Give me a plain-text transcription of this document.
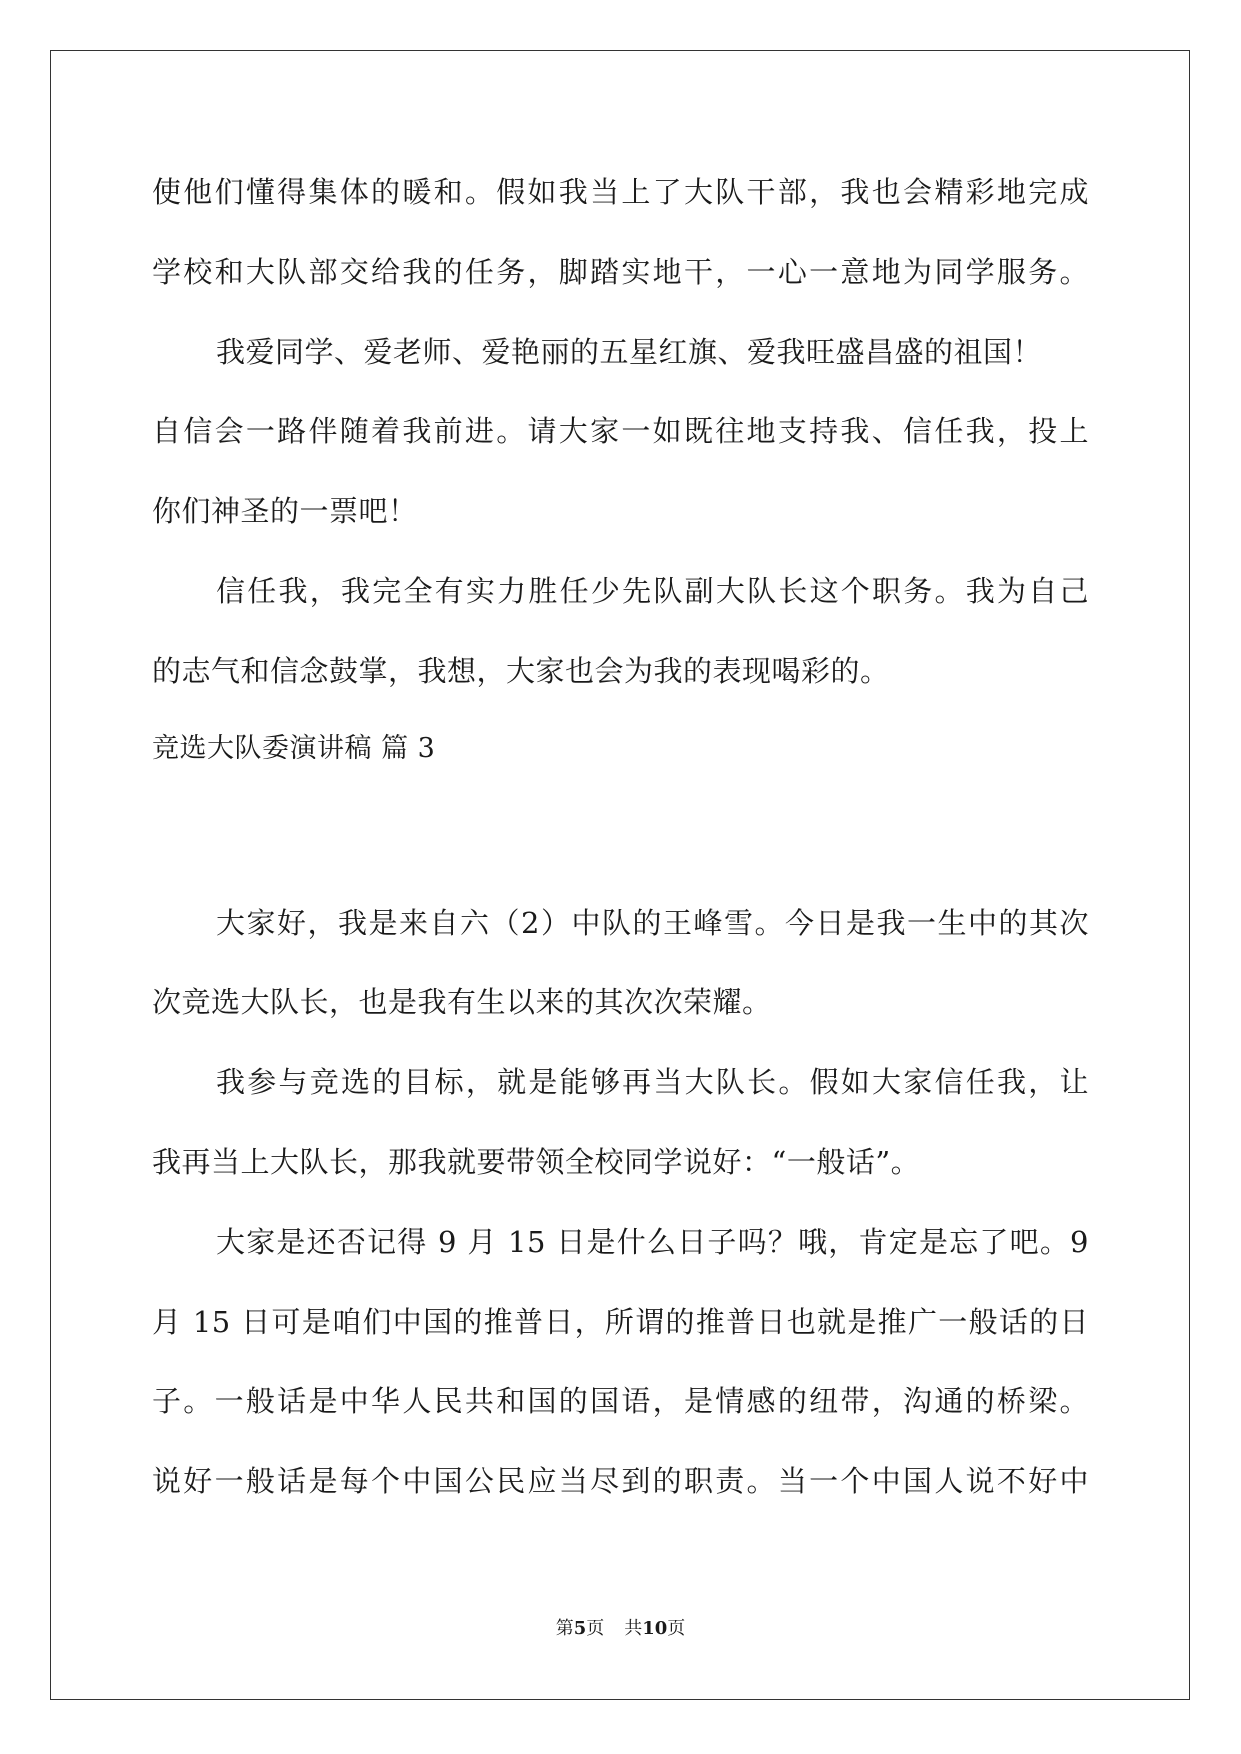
使他们懂得集体的暖和。假如我当上了大队干部，我也会精彩地完成
学校和大队部交给我的任务，脚踏实地干，一心一意地为同学服务。
我爱同学、爱老师、爱艳丽的五星红旗、爱我旺盛昌盛的祖国！
自信会一路伴随着我前进。请大家一如既往地支持我、信任我，投上
你们神圣的一票吧！
信任我，我完全有实力胜任少先队副大队长这个职务。我为自己
的志气和信念鼓掌，我想，大家也会为我的表现喝彩的。
竞选大队委演讲稿 篇 3
大家好，我是来自六（2）中队的王峰雪。今日是我一生中的其次
次竞选大队长，也是我有生以来的其次次荣耀。
我参与竞选的目标，就是能够再当大队长。假如大家信任我，让
我再当上大队长，那我就要带领全校同学说好：“一般话”。
大家是还否记得 9 月 15 日是什么日子吗？哦，肯定是忘了吧。9
月 15 日可是咱们中国的推普日，所谓的推普日也就是推广一般话的日
子。一般话是中华人民共和国的国语，是情感的纽带，沟通的桥梁。
说好一般话是每个中国公民应当尽到的职责。当一个中国人说不好中
第5页 共10页
